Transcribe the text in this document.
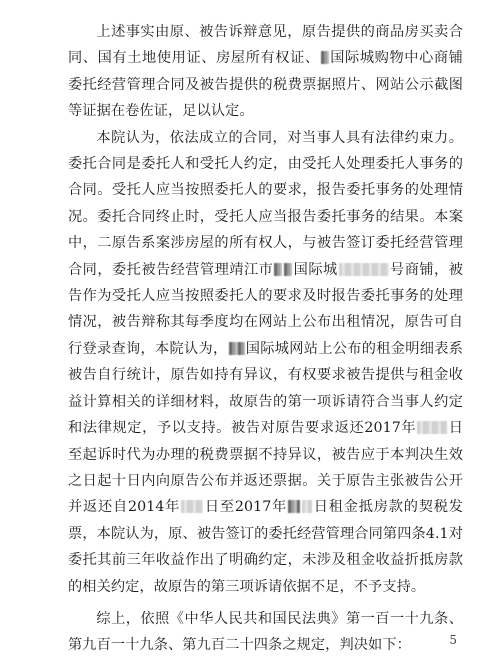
上述事实由原、被告诉辩意见，原告提供的商品房买卖合同、国有土地使用证、房屋所有权证、 国际城购物中心商铺委托经营管理合同及被告提供的税费票据照片、网站公示截图等证据在卷佐证，足以认定。

本院认为，依法成立的合同，对当事人具有法律约束力。委托合同是委托人和受托人约定，由受托人处理委托人事务的合同。受托人应当按照委托人的要求，报告委托事务的处理情况。委托合同终止时，受托人应当报告委托事务的结果。本案中，二原告系案涉房屋的所有权人，与被告签订委托经营管理合同，委托被告经营管理靖江市 国际城	号商铺，被告作为受托人应当按照委托人的要求及时报告委托事务的处理情况，被告辩称其每季度均在网站上公布出租情况，原告可自行登录查询，本院认为， 国际城网站上公布的租金明细表系被告自行统计，原告如持有异议，有权要求被告提供与租金收益计算相关的详细材料，故原告的第一项诉请符合当事人约定和法律规定，予以支持。被告对原告要求返还2017年 日至起诉时代为办理的税费票据不持异议，被告应于本判决生效之日起十日内向原告公布并返还票据。关于原告主张被告公开并返还自2014年 日至2017年 日租金抵房款的契税发票，本院认为，原、被告签订的委托经营管理合同第四条4.1对委托其前三年收益作出了明确约定，未涉及租金收益折抵房款的相关约定，故原告的第三项诉请依据不足，不予支持。

综上，依照《中华人民共和国民法典》第一百一十九条、第九百一十九条、第九百二十四条之规定，判决如下：	5
